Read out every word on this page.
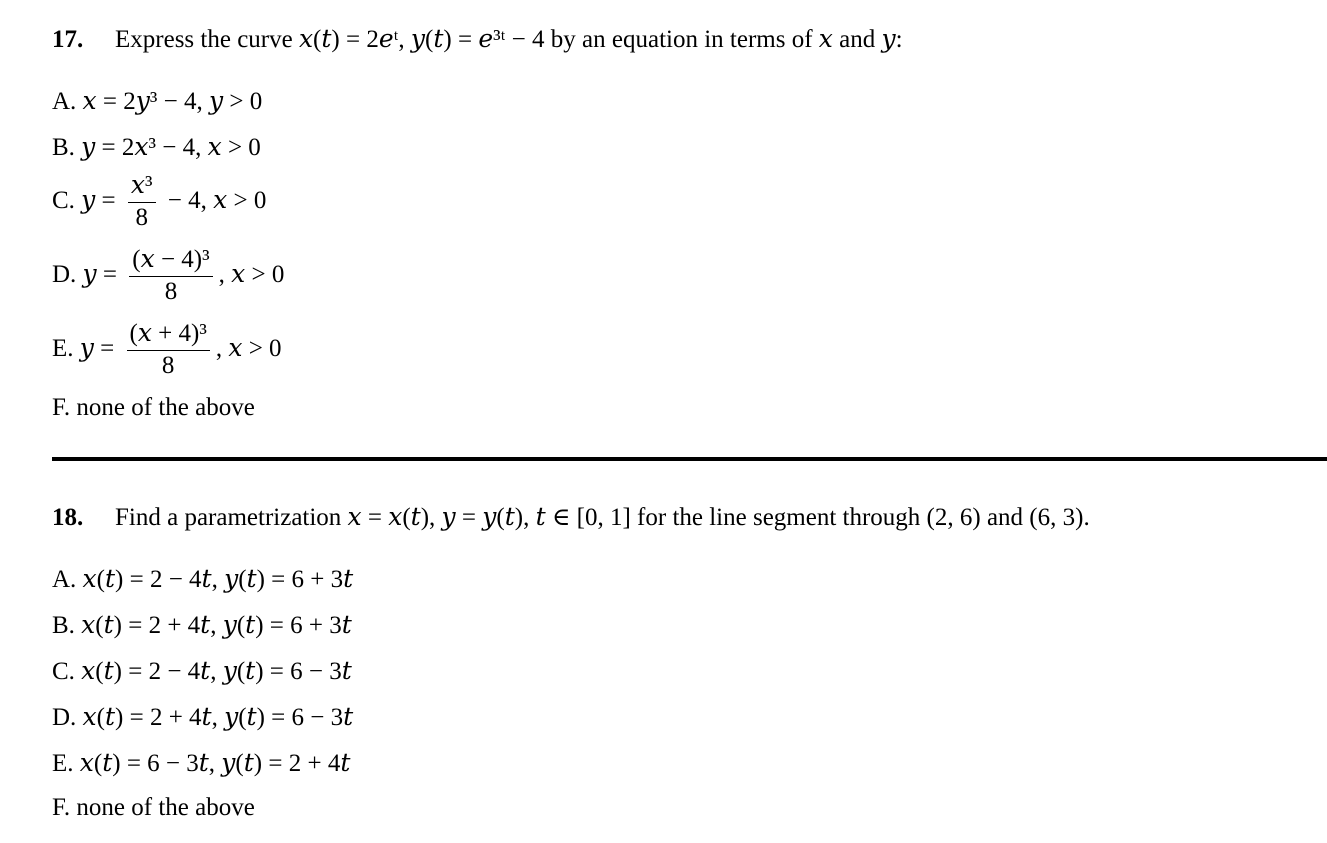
17. Express the curve 𝑥(𝑡) = 2𝑒ᵗ, 𝑦(𝑡) = 𝑒³ᵗ − 4 by an equation in terms of 𝑥 and 𝑦:
A. 𝑥 = 2𝑦³ − 4, 𝑦 > 0
B. 𝑦 = 2𝑥³ − 4, 𝑥 > 0
C. 𝑦 = $\frac{\text{𝑥³}}{8} - 4$, 𝑥 > 0
D. 𝑦 = $\frac{\text{(𝑥 − 4)³}}{8}$ , 𝑥 > 0
E. 𝑦 = $\frac{\text{(𝑥 + 4)³}}{8}$ , 𝑥 > 0
F. none of the above
18. Find a parametrization 𝑥 = 𝑥(𝑡), 𝑦 = 𝑦(𝑡), 𝑡 ∈ [0, 1] for the line segment through (2, 6) and (6, 3).
A. 𝑥(𝑡) = 2 − 4𝑡, 𝑦(𝑡) = 6 + 3𝑡
B. 𝑥(𝑡) = 2 + 4𝑡, 𝑦(𝑡) = 6 + 3𝑡
C. 𝑥(𝑡) = 2 − 4𝑡, 𝑦(𝑡) = 6 − 3𝑡
D. 𝑥(𝑡) = 2 + 4𝑡, 𝑦(𝑡) = 6 − 3𝑡
E. 𝑥(𝑡) = 6 − 3𝑡, 𝑦(𝑡) = 2 + 4𝑡
F. none of the above
